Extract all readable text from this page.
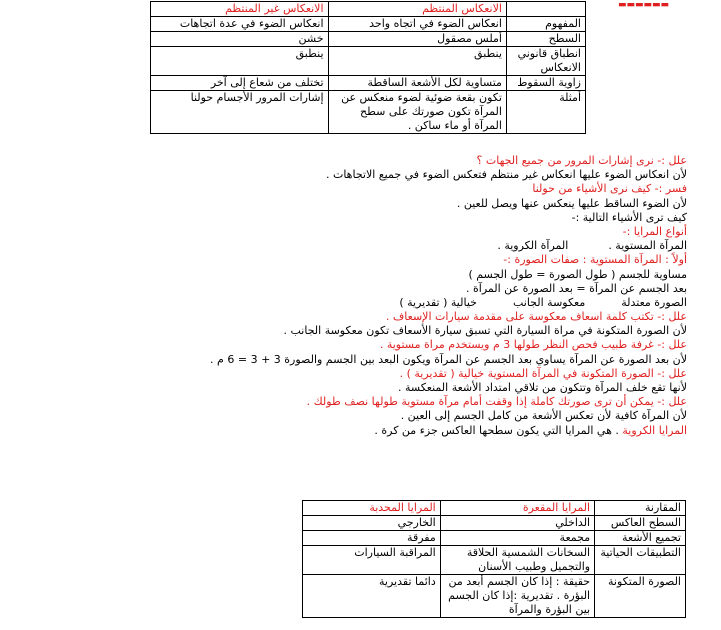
▬▬▬▬▬▬
	الانعكاس المنتظم	الانعكاس غير المنتظم
المفهوم	انعكاس الضوء في اتجاه واحد	انعكاس الضوء في عدة اتجاهات
السطح	أملس مصقول	خشن
انطباق قانوني الانعكاس	ينطبق	ينطبق
زاوية السقوط	متساوية لكل الأشعة الساقطة	تختلف من شعاع إلى آخر
أمثلة	تكون بقعة ضوئية لضوء منعكس عن المرآة تكون صورتك على سطح المرآة أو ماء ساكن .	إشارات المرور الأجسام حولنا
علل :- نرى إشارات المرور من جميع الجهات ؟
لأن انعكاس الضوء عليها انعكاس غير منتظم فتعكس الضوء في جميع الاتجاهات .
فسر :- كيف نرى الأشياء من حولنا
لأن الضوء الساقط عليها ينعكس عنها ويصل للعين .
كيف ترى الأشياء التالية :-
أنواع المرايا :-
المرآة المستوية .
المرآة الكروية .
أولاً : المرآة المستوية : صفات الصورة :-
مساوية للجسم ( طول الصورة = طول الجسم )
بعد الجسم عن المرآة = بعد الصورة عن المرآة .
الصورة معتدلة
معكوسة الجانب
خيالية ( تقديرية )
علل :- تكتب كلمة اسعاف معكوسة على مقدمة سيارات الإسعاف .
لأن الصورة المتكونة في مراة السيارة التي تسبق سيارة الأسعاف تكون معكوسة الجانب .
علل :- غرفة طبيب فحص النظر طولها 3 م ويستخدم مراة مستوية .
لأن بعد الصورة عن المرآة يساوي بعد الجسم عن المرآة ويكون البعد بين الجسم والصورة 3 + 3 = 6 م .
علل :- الصورة المتكونة في المرآة المستوية خيالية ( تقديرية ) .
لأنها تقع خلف المرآة وتتكون من تلاقي امتداد الأشعة المنعكسة .
علل :- يمكن أن ترى صورتك كاملة إذا وقفت أمام مرآة مستوية طولها نصف طولك .
لأن المرآة كافية لأن تعكس الأشعة من كامل الجسم إلى العين .
المرايا الكروية . هي المرايا التي يكون سطحها العاكس جزء من كرة .
المقارنة	المرايا المقعرة	المرايا المحدبة
السطح العاكس	الداخلي	الخارجي
تجميع الأشعة	مجمعة	مفرقة
التطبيقات الحياتية	السخانات الشمسية الحلاقة والتجميل وطبيب الأسنان	المراقبة السيارات
الصورة المتكونة	حقيقة : إذا كان الجسم أبعد من البؤرة . تقديرية :إذا كان الجسم بين البؤرة والمرآة	دائما تقديرية
